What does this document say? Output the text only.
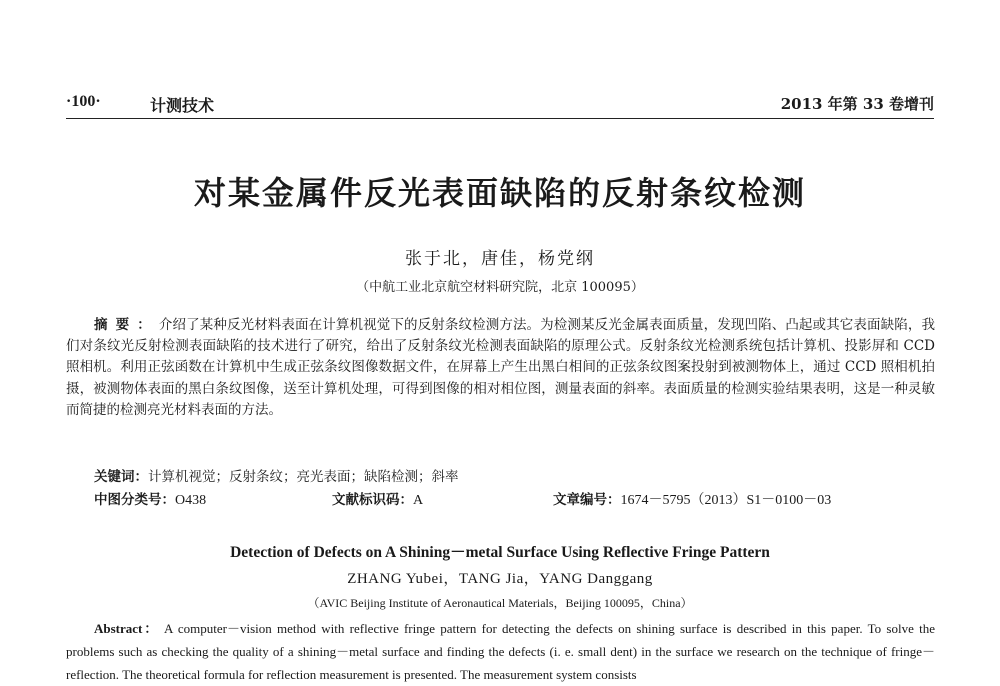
·100·	计测技术	2013 年第 33 卷增刊
对某金属件反光表面缺陷的反射条纹检测
张于北，唐佳，杨党纲
（中航工业北京航空材料研究院，北京 100095）
摘要：介绍了某种反光材料表面在计算机视觉下的反射条纹检测方法。为检测某反光金属表面质量，发现凹陷、凸起或其它表面缺陷，我们对条纹光反射检测表面缺陷的技术进行了研究，给出了反射条纹光检测表面缺陷的原理公式。反射条纹光检测系统包括计算机、投影屏和 CCD 照相机。利用正弦函数在计算机中生成正弦条纹图像数据文件，在屏幕上产生出黑白相间的正弦条纹图案投射到被测物体上，通过 CCD 照相机拍摄，被测物体表面的黑白条纹图像，送至计算机处理，可得到图像的相对相位图，测量表面的斜率。表面质量的检测实验结果表明，这是一种灵敏而简捷的检测亮光材料表面的方法。
关键词：计算机视觉；反射条纹；亮光表面；缺陷检测；斜率
中图分类号：O438	文献标识码：A	文章编号：1674－5795（2013）S1－0100－03
Detection of Defects on A Shining－metal Surface Using Reflective Fringe Pattern
ZHANG Yubei，TANG Jia，YANG Danggang
（AVIC Beijing Institute of Aeronautical Materials，Beijing 100095，China）
Abstract： A computer－vision method with reflective fringe pattern for detecting the defects on shining surface is described in this paper. To solve the problems such as checking the quality of a shining－metal surface and finding the defects (i. e. small dent) in the surface we research on the technique of fringe－reflection. The theoretical formula for reflection measurement is presented. The measurement system consists
